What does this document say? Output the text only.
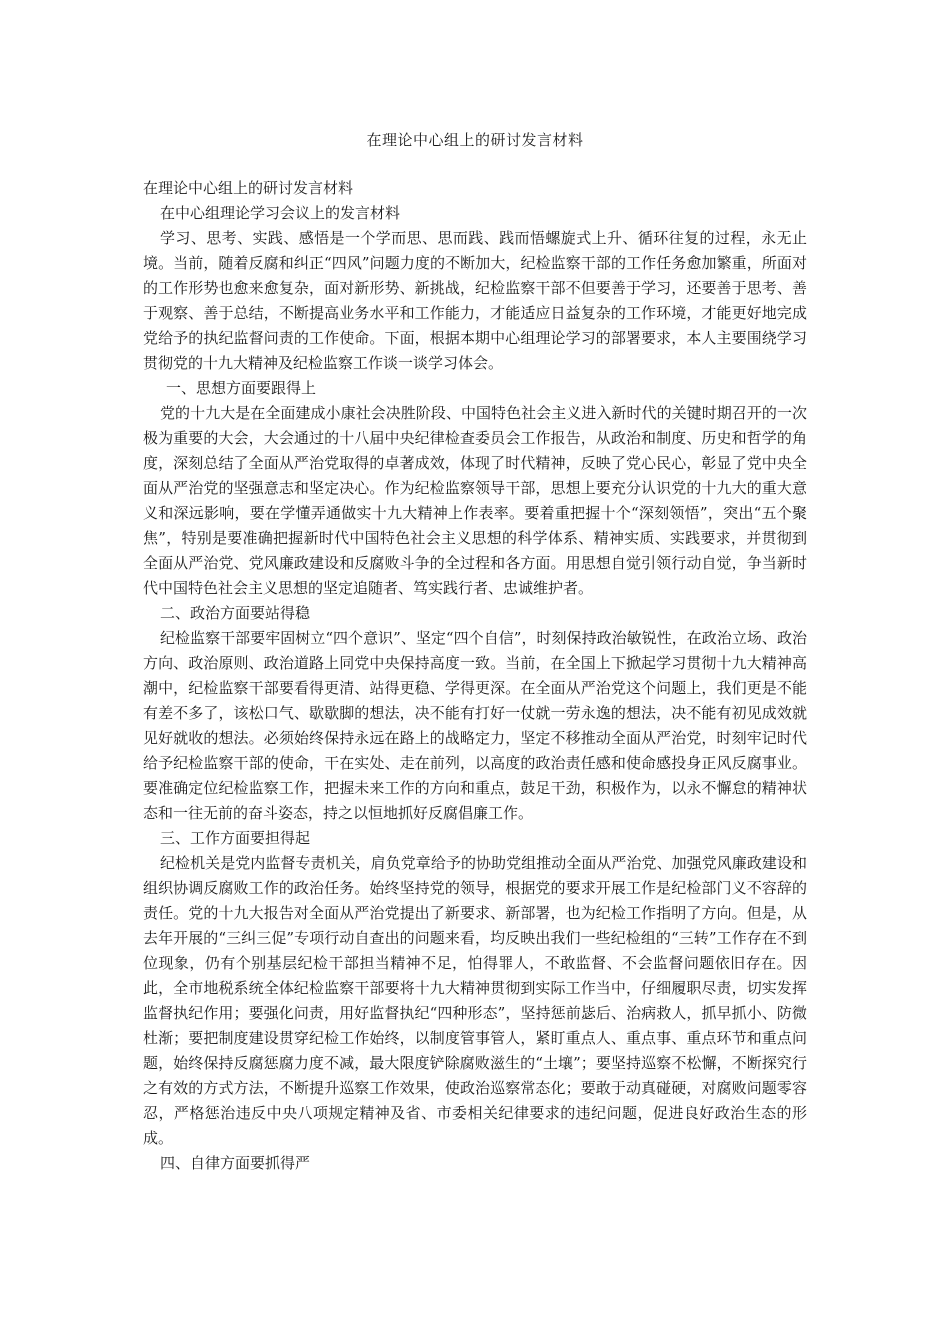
在理论中心组上的研讨发言材料

在理论中心组上的研讨发言材料

在中心组理论学习会议上的发言材料

学习、思考、实践、感悟是一个学而思、思而践、践而悟螺旋式上升、循环往复的过程，永无止境。当前，随着反腐和纠正“四风”问题力度的不断加大，纪检监察干部的工作任务愈加繁重，所面对的工作形势也愈来愈复杂，面对新形势、新挑战，纪检监察干部不但要善于学习，还要善于思考、善于观察、善于总结，不断提高业务水平和工作能力，才能适应日益复杂的工作环境，才能更好地完成党给予的执纪监督问责的工作使命。下面，根据本期中心组理论学习的部署要求，本人主要围绕学习贯彻党的十九大精神及纪检监察工作谈一谈学习体会。

一、思想方面要跟得上

党的十九大是在全面建成小康社会决胜阶段、中国特色社会主义进入新时代的关键时期召开的一次极为重要的大会，大会通过的十八届中央纪律检查委员会工作报告，从政治和制度、历史和哲学的角度，深刻总结了全面从严治党取得的卓著成效，体现了时代精神，反映了党心民心，彰显了党中央全面从严治党的坚强意志和坚定决心。作为纪检监察领导干部，思想上要充分认识党的十九大的重大意义和深远影响，要在学懂弄通做实十九大精神上作表率。要着重把握十个“深刻领悟”，突出“五个聚焦”，特别是要准确把握新时代中国特色社会主义思想的科学体系、精神实质、实践要求，并贯彻到全面从严治党、党风廉政建设和反腐败斗争的全过程和各方面。用思想自觉引领行动自觉，争当新时代中国特色社会主义思想的坚定追随者、笃实践行者、忠诚维护者。

二、政治方面要站得稳

纪检监察干部要牢固树立“四个意识”、坚定“四个自信”，时刻保持政治敏锐性，在政治立场、政治方向、政治原则、政治道路上同党中央保持高度一致。当前，在全国上下掀起学习贯彻十九大精神高潮中，纪检监察干部要看得更清、站得更稳、学得更深。在全面从严治党这个问题上，我们更是不能有差不多了，该松口气、歇歇脚的想法，决不能有打好一仗就一劳永逸的想法，决不能有初见成效就见好就收的想法。必须始终保持永远在路上的战略定力，坚定不移推动全面从严治党，时刻牢记时代给予纪检监察干部的使命，干在实处、走在前列，以高度的政治责任感和使命感投身正风反腐事业。要准确定位纪检监察工作，把握未来工作的方向和重点，鼓足干劲，积极作为，以永不懈怠的精神状态和一往无前的奋斗姿态，持之以恒地抓好反腐倡廉工作。

三、工作方面要担得起

纪检机关是党内监督专责机关，肩负党章给予的协助党组推动全面从严治党、加强党风廉政建设和组织协调反腐败工作的政治任务。始终坚持党的领导，根据党的要求开展工作是纪检部门义不容辞的责任。党的十九大报告对全面从严治党提出了新要求、新部署，也为纪检工作指明了方向。但是，从去年开展的“三纠三促”专项行动自查出的问题来看，均反映出我们一些纪检组的“三转”工作存在不到位现象，仍有个别基层纪检干部担当精神不足，怕得罪人，不敢监督、不会监督问题依旧存在。因此，全市地税系统全体纪检监察干部要将十九大精神贯彻到实际工作当中，仔细履职尽责，切实发挥监督执纪作用；要强化问责，用好监督执纪“四种形态”，坚持惩前毖后、治病救人，抓早抓小、防微杜渐；要把制度建设贯穿纪检工作始终，以制度管事管人，紧盯重点人、重点事、重点环节和重点问题，始终保持反腐惩腐力度不减，最大限度铲除腐败滋生的“土壤”；要坚持巡察不松懈，不断探究行之有效的方式方法，不断提升巡察工作效果，使政治巡察常态化；要敢于动真碰硬，对腐败问题零容忍，严格惩治违反中央八项规定精神及省、市委相关纪律要求的违纪问题，促进良好政治生态的形成。

四、自律方面要抓得严
